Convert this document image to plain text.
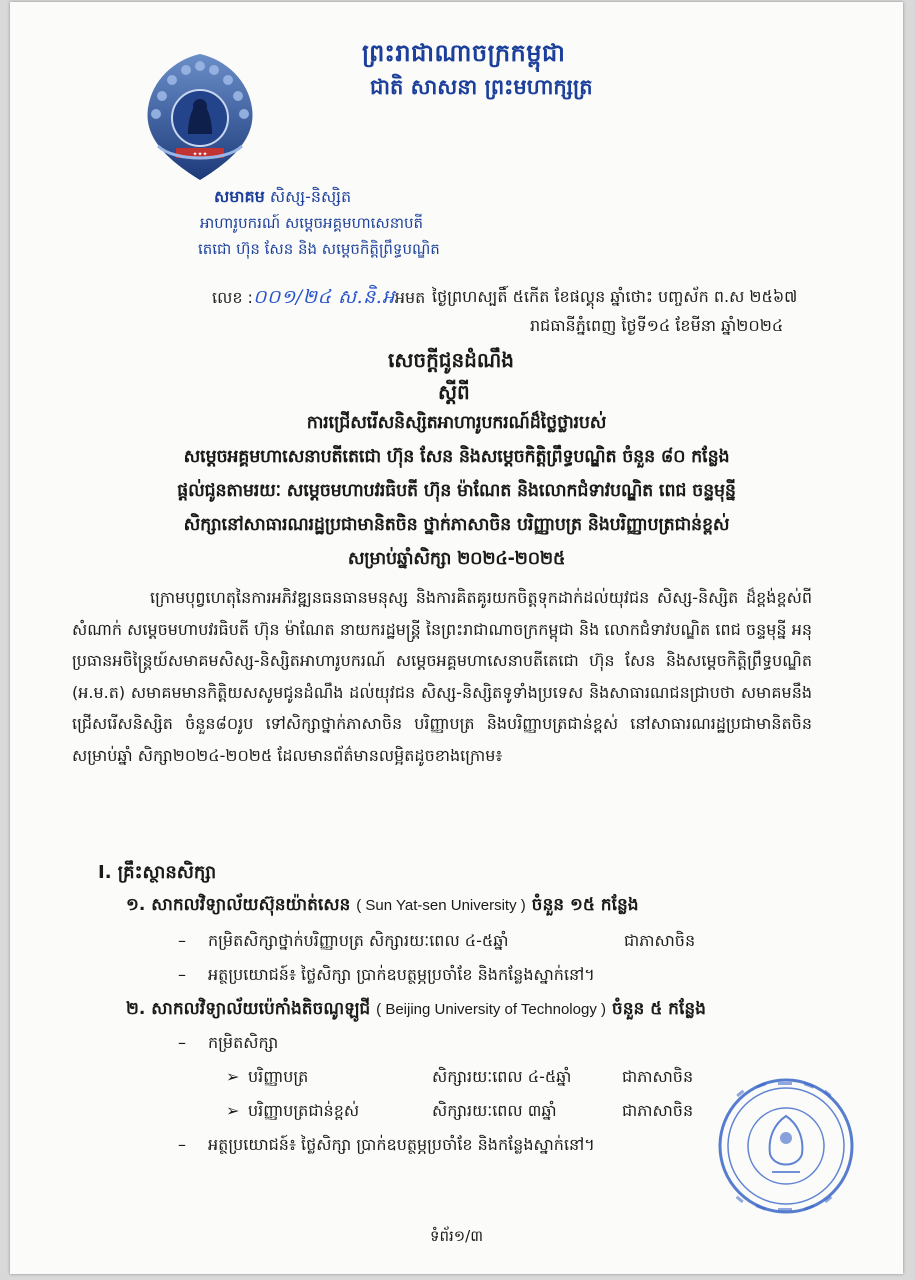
✦✦✦
ព្រះរាជាណាចក្រកម្ពុជា
ជាតិ សាសនា ព្រះមហាក្សត្រ
សមាគម សិស្ស-និស្សិត
អាហារូបករណ៍ សម្តេចអគ្គមហាសេនាបតី
តេជោ ហ៊ុន សែន និង សម្តេចកិត្តិព្រឹទ្ធបណ្ឌិត
លេខ :០០១/២៤ ស.និ.អអមត ថ្ងៃព្រហស្បតិ៍ ៥កើត ខែផល្គុន ឆ្នាំថោះ បញ្ចស័ក ព.ស ២៥៦៧
រាជធានីភ្នំពេញ ថ្ងៃទី១៤ ខែមីនា ឆ្នាំ២០២៤
សេចក្តីជូនដំណឹង
ស្តីពី
ការជ្រើសរើសនិស្សិតអាហារូបករណ៍ដ៏ថ្លៃថ្លារបស់
សម្តេចអគ្គមហាសេនាបតីតេជោ ហ៊ុន សែន និងសម្តេចកិត្តិព្រឹទ្ធបណ្ឌិត ចំនួន ៨០ កន្លែង
ផ្តល់ជូនតាមរយៈ សម្តេចមហាបវរធិបតី ហ៊ុន ម៉ាណែត និងលោកជំទាវបណ្ឌិត ពេជ ចន្ទមុន្នី
សិក្សានៅសាធារណរដ្ឋប្រជាមានិតចិន ថ្នាក់ភាសាចិន បរិញ្ញាបត្រ និងបរិញ្ញាបត្រជាន់ខ្ពស់
សម្រាប់ឆ្នាំសិក្សា ២០២៤-២០២៥

ក្រោមបុព្វហេតុនៃការអភិវឌ្ឍនធនធានមនុស្ស និងការគិតគូរយកចិត្តទុកដាក់ដល់យុវជន សិស្ស-និស្សិត ដ៏ខ្ពង់ខ្ពស់ពីសំណាក់ សម្តេចមហាបវរធិបតី ហ៊ុន ម៉ាណែត នាយករដ្ឋមន្ត្រី នៃព្រះរាជាណាចក្រកម្ពុជា និង លោកជំទាវបណ្ឌិត ពេជ ចន្ទមុន្នី អនុប្រធានអចិន្ត្រៃយ៍សមាគមសិស្ស-និស្សិតអាហារូបករណ៍ សម្តេចអគ្គមហាសេនាបតីតេជោ ហ៊ុន សែន និងសម្តេចកិត្តិព្រឹទ្ធបណ្ឌិត (អ.ម.ត) សមាគមមានកិត្តិយសសូមជូនដំណឹង ដល់យុវជន សិស្ស-និស្សិតទូទាំងប្រទេស និងសាធារណជនជ្រាបថា សមាគមនឹងជ្រើសរើសនិស្សិត ចំនួន៨០រូប ទៅសិក្សាថ្នាក់ភាសាចិន បរិញ្ញាបត្រ និងបរិញ្ញាបត្រជាន់ខ្ពស់ នៅសាធារណរដ្ឋប្រជាមានិតចិន សម្រាប់ឆ្នាំ សិក្សា២០២៤-២០២៥ ដែលមានព័ត៌មានលម្អិតដូចខាងក្រោម៖

I. គ្រឹះស្ថានសិក្សា
១. សាកលវិទ្យាល័យស៊ុនយ៉ាត់សេន ( Sun Yat-sen University ) ចំនួន ១៥ កន្លែង
– កម្រិតសិក្សាថ្នាក់បរិញ្ញាបត្រ សិក្សារយៈពេល ៤-៥ឆ្នាំ	ជាភាសាចិន
– អត្ថប្រយោជន៍៖ ថ្លៃសិក្សា ប្រាក់ឧបត្ថម្ភប្រចាំខែ និងកន្លែងស្នាក់នៅ។
២. សាកលវិទ្យាល័យប៉េកាំងតិចណូឡូជី ( Beijing University of Technology ) ចំនួន ៥ កន្លែង
– កម្រិតសិក្សា
➢ បរិញ្ញាបត្រ	សិក្សារយៈពេល ៤-៥ឆ្នាំ	ជាភាសាចិន
➢ បរិញ្ញាបត្រជាន់ខ្ពស់	សិក្សារយៈពេល ៣ឆ្នាំ	ជាភាសាចិន
– អត្ថប្រយោជន៍៖ ថ្លៃសិក្សា ប្រាក់ឧបត្ថម្ភប្រចាំខែ និងកន្លែងស្នាក់នៅ។
ទំព័រ១/៣
